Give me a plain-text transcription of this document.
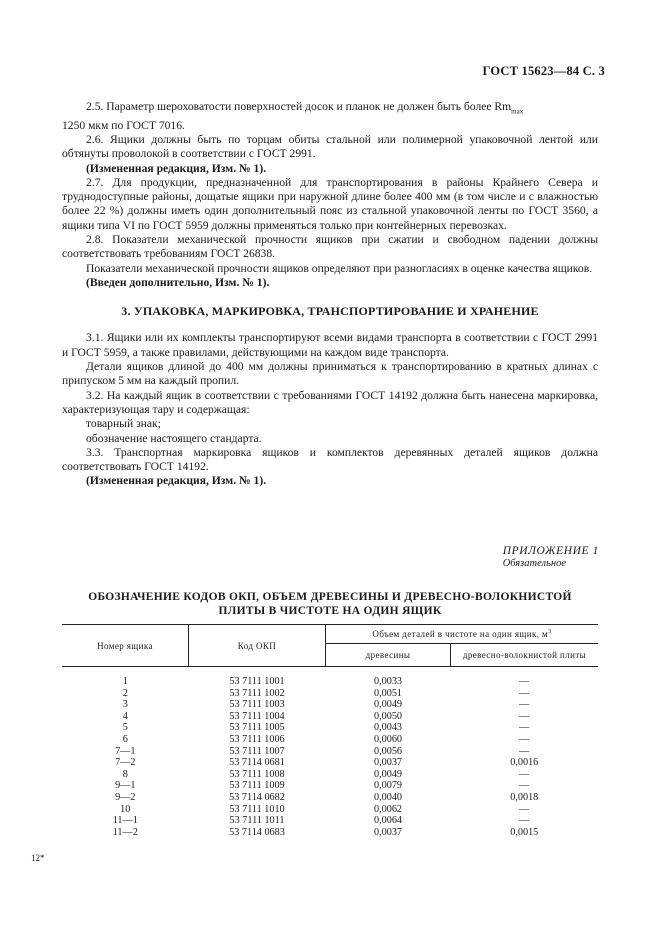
ГОСТ 15623—84 С. 3

2.5. Параметр шероховатости поверхностей досок и планок не должен быть более $Rm_{max}$

1250 мкм по ГОСТ 7016.

2.6. Ящики должны быть по торцам обиты стальной или полимерной упаковочной лентой или обтянуты проволокой в соответствии с ГОСТ 2991.

(Измененная редакция, Изм. № 1).

2.7. Для продукции, предназначенной для транспортирования в районы Крайнего Севера и труднодоступные районы, дощатые ящики при наружной длине более 400 мм (в том числе и с влажностью более 22 %) должны иметь один дополнительный пояс из стальной упаковочной ленты по ГОСТ 3560, а ящики типа VI по ГОСТ 5959 должны применяться только при контейнерных перевозках.

2.8. Показатели механической прочности ящиков при сжатии и свободном падении должны соответствовать требованиям ГОСТ 26838.

Показатели механической прочности ящиков определяют при разногласиях в оценке качества ящиков.

(Введен дополнительно, Изм. № 1).

3. УПАКОВКА, МАРКИРОВКА, ТРАНСПОРТИРОВАНИЕ И ХРАНЕНИЕ

3.1. Ящики или их комплекты транспортируют всеми видами транспорта в соответствии с ГОСТ 2991 и ГОСТ 5959, а также правилами, действующими на каждом виде транспорта.

Детали ящиков длиной до 400 мм должны приниматься к транспортированию в кратных длинах с припуском 5 мм на каждый пропил.

3.2. На каждый ящик в соответствии с требованиями ГОСТ 14192 должна быть нанесена маркировка, характеризующая тару и содержащая:

товарный знак;

обозначение настоящего стандарта.

3.3. Транспортная маркировка ящиков и комплектов деревянных деталей ящиков должна соответствовать ГОСТ 14192.

(Измененная редакция, Изм. № 1).

ПРИЛОЖЕНИЕ 1
Обязательное
ОБОЗНАЧЕНИЕ КОДОВ ОКП, ОБЪЕМ ДРЕВЕСИНЫ И ДРЕВЕСНО-ВОЛОКНИСТОЙ
ПЛИТЫ В ЧИСТОТЕ НА ОДИН ЯЩИК
Номер ящика	Код ОКП	Объем деталей в чистоте на один ящик, $м^3$
		древесины	древесно-волокнистой плиты
1	53 7111 1001	0,0033	—
2	53 7111 1002	0,0051	—
3	53 7111 1003	0,0049	—
4	53 7111 1004	0,0050	—
5	53 7111 1005	0,0043	—
6	53 7111 1006	0,0060	—
7—1	53 7111 1007	0,0056	—
7—2	53 7114 0681	0,0037	0,0016
8	53 7111 1008	0,0049	—
9—1	53 7111 1009	0,0079	—
9—2	53 7114 0682	0,0040	0,0018
10	53 7111 1010	0,0062	—
11—1	53 7111 1011	0,0064	—
11—2	53 7114 0683	0,0037	0,0015
12*
